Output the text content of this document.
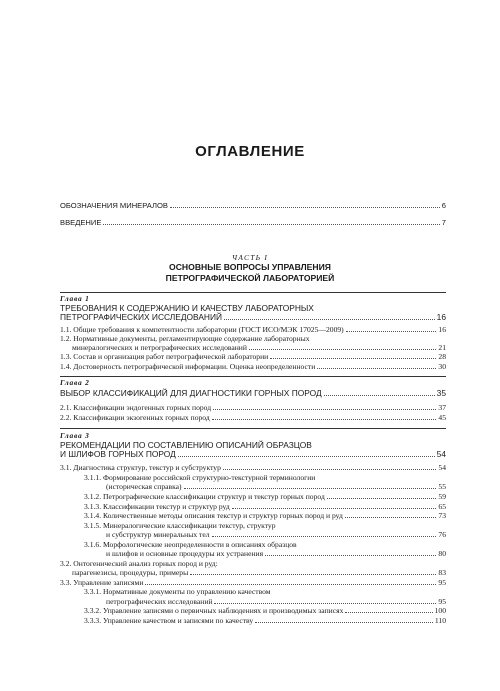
ОГЛАВЛЕНИЕ
ОБОЗНАЧЕНИЯ МИНЕРАЛОВ	6
ВВЕДЕНИЕ	7
ЧАСТЬ I
ОСНОВНЫЕ ВОПРОСЫ УПРАВЛЕНИЯ
ПЕТРОГРАФИЧЕСКОЙ ЛАБОРАТОРИЕЙ
Глава 1
ТРЕБОВАНИЯ К СОДЕРЖАНИЮ И КАЧЕСТВУ ЛАБОРАТОРНЫХ
ПЕТРОГРАФИЧЕСКИХ ИССЛЕДОВАНИЙ	16
1.1. Общие требования к компетентности лаборатории (ГОСТ ИСО/МЭК 17025—2009)	16
1.2. Нормативные документы, регламентирующие содержание лабораторных
минералогических и петрографических исследований	21
1.3. Состав и организация работ петрографической лаборатории	28
1.4. Достоверность петрографической информации. Оценка неопределенности	30
Глава 2
ВЫБОР КЛАССИФИКАЦИЙ ДЛЯ ДИАГНОСТИКИ ГОРНЫХ ПОРОД	35
2.1. Классификации эндогенных горных пород	37
2.2. Классификации экзогенных горных пород	45
Глава 3
РЕКОМЕНДАЦИИ ПО СОСТАВЛЕНИЮ ОПИСАНИЙ ОБРАЗЦОВ
И ШЛИФОВ ГОРНЫХ ПОРОД	54
3.1. Диагностика структур, текстур и субструктур	54
3.1.1. Формирование российской структурно-текстурной терминологии
(историческая справка)	55
3.1.2. Петрографические классификации структур и текстур горных пород	59
3.1.3. Классификации текстур и структур руд	65
3.1.4. Количественные методы описания текстур и структур горных пород и руд	73
3.1.5. Минералогические классификации текстур, структур
и субструктур минеральных тел	76
3.1.6. Морфологические неопределенности в описаниях образцов
и шлифов и основные процедуры их устранения	80
3.2. Онтогенический анализ горных пород и руд:
парагенезисы, процедуры, примеры	83
3.3. Управление записями	95
3.3.1. Нормативные документы по управлению качеством
петрографических исследований	95
3.3.2. Управление записями о первичных наблюдениях и производимых записях	100
3.3.3. Управление качеством и записями по качеству	110
